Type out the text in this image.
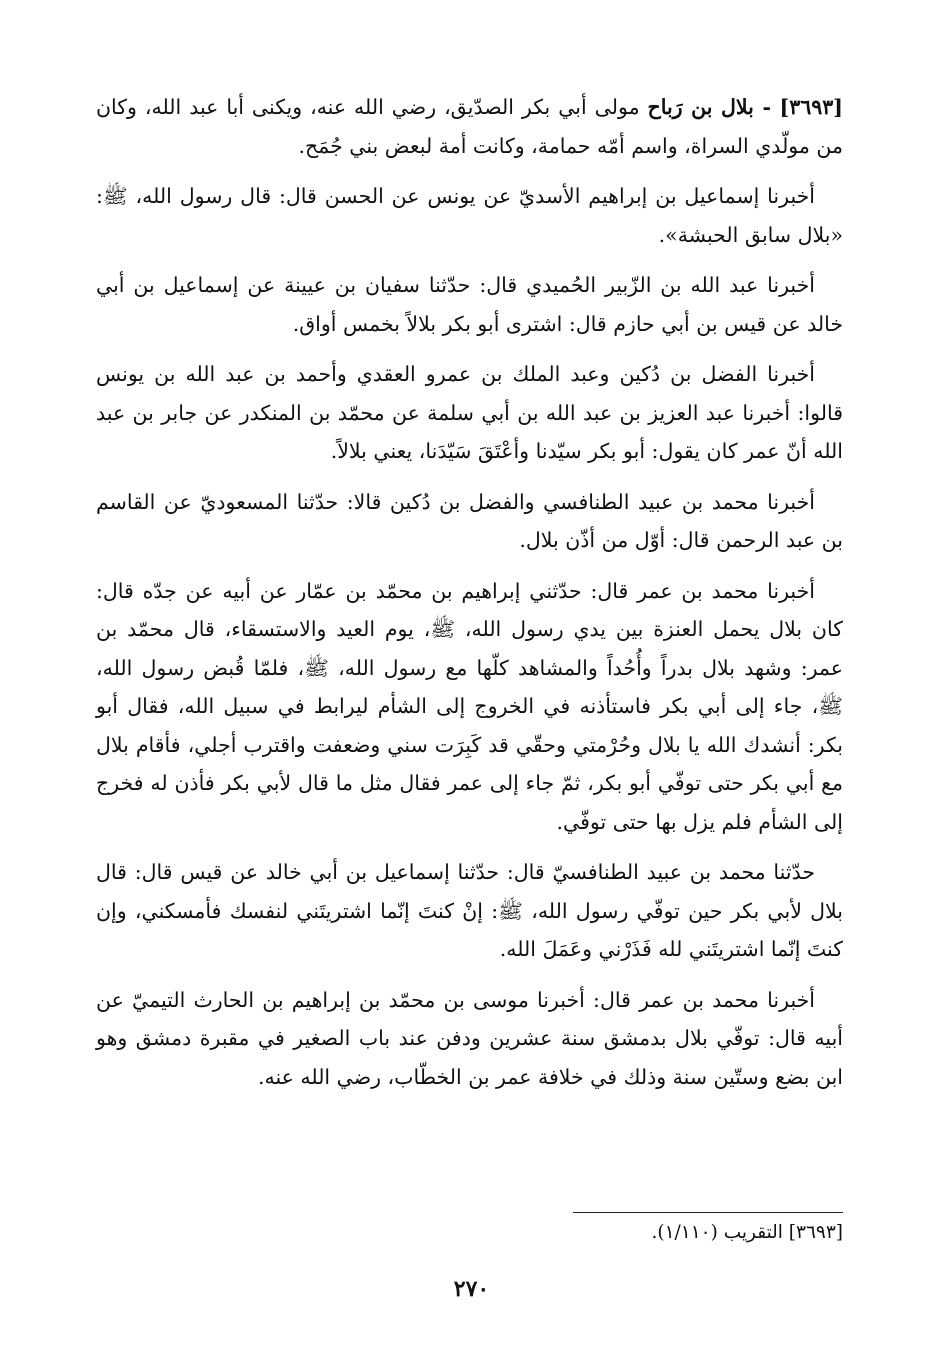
[٣٦٩٣] - بلال بن رَباح مولى أبي بكر الصدّيق، رضي الله عنه، ويكنى أبا عبد الله، وكان من مولّدي السراة، واسم أمّه حمامة، وكانت أمة لبعض بني جُمَح.

أخبرنا إسماعيل بن إبراهيم الأسديّ عن يونس عن الحسن قال: قال رسول الله، ﷺ: «بلال سابق الحبشة».

أخبرنا عبد الله بن الزّبير الحُميدي قال: حدّثنا سفيان بن عيينة عن إسماعيل بن أبي خالد عن قيس بن أبي حازم قال: اشترى أبو بكر بلالاً بخمس أواق.

أخبرنا الفضل بن دُكين وعبد الملك بن عمرو العقدي وأحمد بن عبد الله بن يونس قالوا: أخبرنا عبد العزيز بن عبد الله بن أبي سلمة عن محمّد بن المنكدر عن جابر بن عبد الله أنّ عمر كان يقول: أبو بكر سيّدنا وأعْتَقَ سَيّدَنا، يعني بلالاً.

أخبرنا محمد بن عبيد الطنافسي والفضل بن دُكين قالا: حدّثنا المسعوديّ عن القاسم بن عبد الرحمن قال: أوّل من أذّن بلال.

أخبرنا محمد بن عمر قال: حدّثني إبراهيم بن محمّد بن عمّار عن أبيه عن جدّه قال: كان بلال يحمل العنزة بين يدي رسول الله، ﷺ، يوم العيد والاستسقاء، قال محمّد بن عمر: وشهد بلال بدراً وأُحُداً والمشاهد كلّها مع رسول الله، ﷺ، فلمّا قُبض رسول الله، ﷺ، جاء إلى أبي بكر فاستأذنه في الخروج إلى الشأم ليرابط في سبيل الله، فقال أبو بكر: أنشدك الله يا بلال وحُرْمتي وحقّي قد كَبِرَت سني وضعفت واقترب أجلي، فأقام بلال مع أبي بكر حتى توفّي أبو بكر، ثمّ جاء إلى عمر فقال مثل ما قال لأبي بكر فأذن له فخرج إلى الشأم فلم يزل بها حتى توفّي.

حدّثنا محمد بن عبيد الطنافسيّ قال: حدّثنا إسماعيل بن أبي خالد عن قيس قال: قال بلال لأبي بكر حين توفّي رسول الله، ﷺ: إنْ كنتَ إنّما اشتريتَني لنفسك فأمسكني، وإن كنتَ إنّما اشتريتَني لله فَذَرْني وعَمَلَ الله.

أخبرنا محمد بن عمر قال: أخبرنا موسى بن محمّد بن إبراهيم بن الحارث التيميّ عن أبيه قال: توفّي بلال بدمشق سنة عشرين ودفن عند باب الصغير في مقبرة دمشق وهو ابن بضع وستّين سنة وذلك في خلافة عمر بن الخطّاب، رضي الله عنه.

[٣٦٩٣] التقريب (١/١١٠).
٢٧٠
